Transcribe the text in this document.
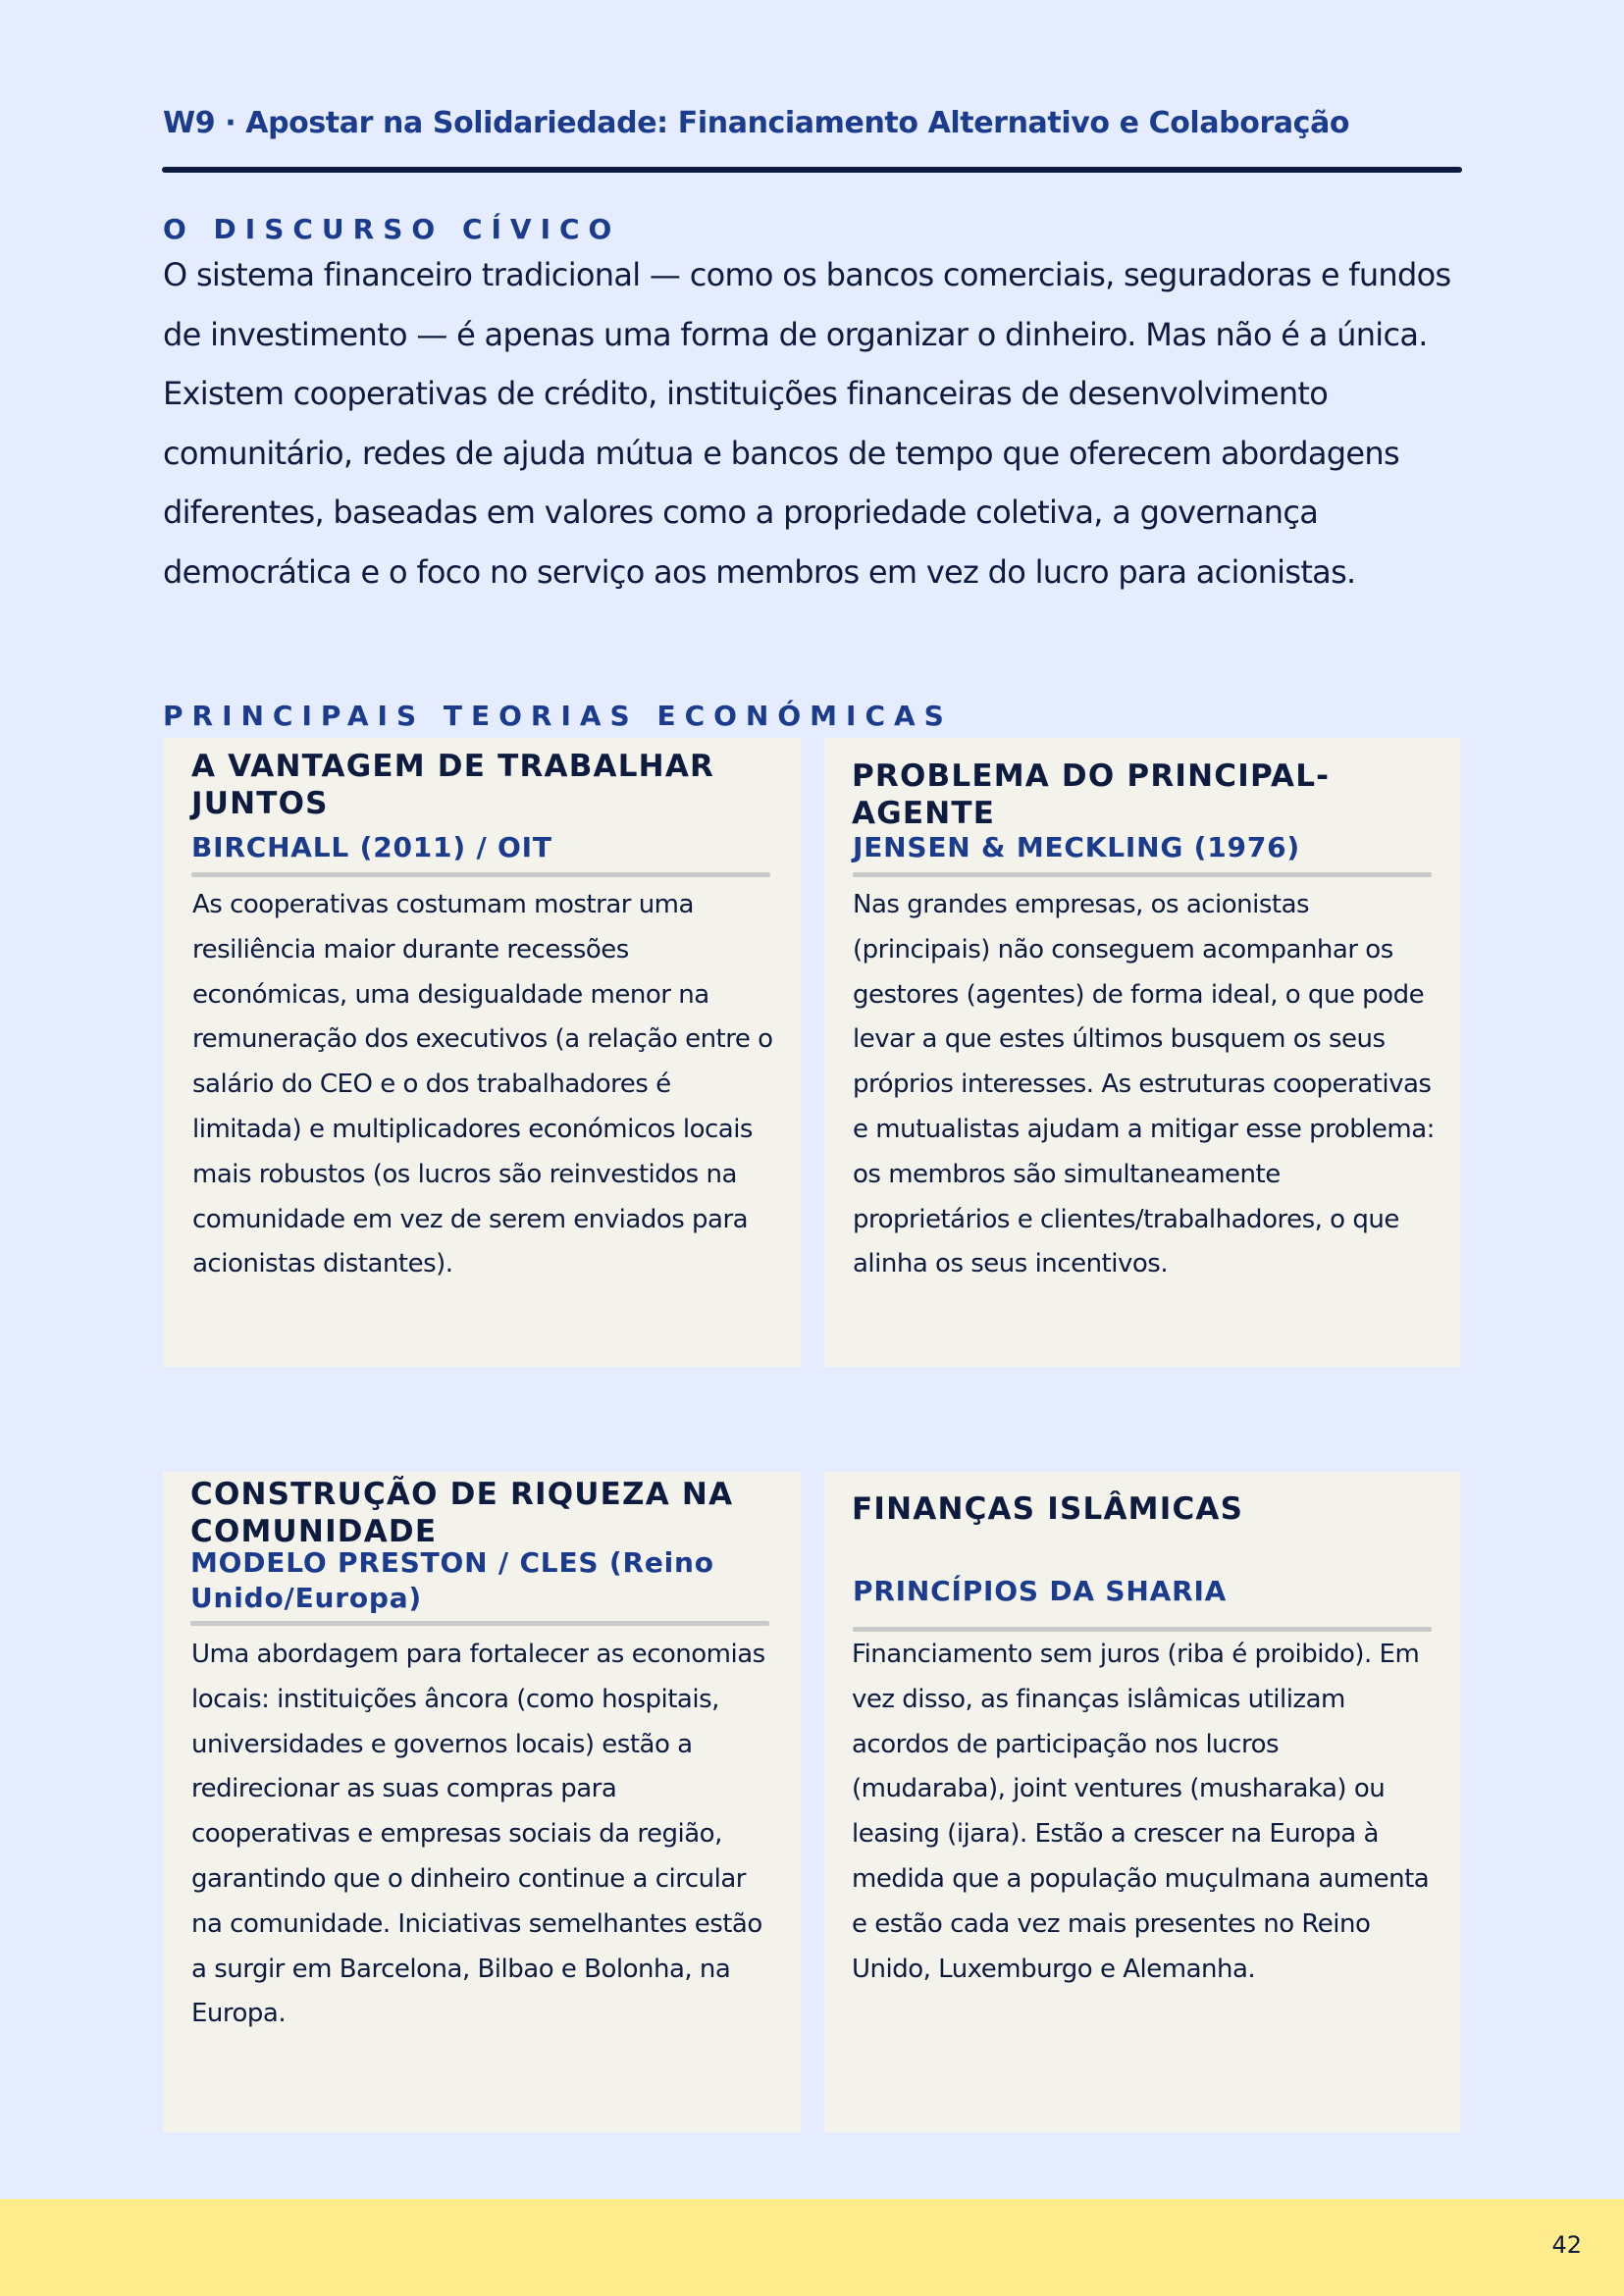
W9 · Apostar na Solidariedade: Financiamento Alternativo e Colaboração
O DISCURSO CÍVICO

O sistema financeiro tradicional — como os bancos comerciais, seguradoras e fundos de investimento — é apenas uma forma de organizar o dinheiro. Mas não é a única. Existem cooperativas de crédito, instituições financeiras de desenvolvimento comunitário, redes de ajuda mútua e bancos de tempo que oferecem abordagens diferentes, baseadas em valores como a propriedade coletiva, a governança democrática e o foco no serviço aos membros em vez do lucro para acionistas.

PRINCIPAIS TEORIAS ECONÓMICAS
A VANTAGEM DE TRABALHAR JUNTOS
BIRCHALL (2011) / OIT

As cooperativas costumam mostrar uma resiliência maior durante recessões económicas, uma desigualdade menor na remuneração dos executivos (a relação entre o salário do CEO e o dos trabalhadores é limitada) e multiplicadores económicos locais mais robustos (os lucros são reinvestidos na comunidade em vez de serem enviados para acionistas distantes).

PROBLEMA DO PRINCIPAL-AGENTE
JENSEN & MECKLING (1976)

Nas grandes empresas, os acionistas (principais) não conseguem acompanhar os gestores (agentes) de forma ideal, o que pode levar a que estes últimos busquem os seus próprios interesses. As estruturas cooperativas e mutualistas ajudam a mitigar esse problema: os membros são simultaneamente proprietários e clientes/trabalhadores, o que alinha os seus incentivos.

CONSTRUÇÃO DE RIQUEZA NA COMUNIDADE
MODELO PRESTON / CLES (Reino Unido/Europa)

Uma abordagem para fortalecer as economias locais: instituições âncora (como hospitais, universidades e governos locais) estão a redirecionar as suas compras para cooperativas e empresas sociais da região, garantindo que o dinheiro continue a circular na comunidade. Iniciativas semelhantes estão a surgir em Barcelona, Bilbao e Bolonha, na Europa.

FINANÇAS ISLÂMICAS
PRINCÍPIOS DA SHARIA

Financiamento sem juros (riba é proibido). Em vez disso, as finanças islâmicas utilizam acordos de participação nos lucros (mudaraba), joint ventures (musharaka) ou leasing (ijara). Estão a crescer na Europa à medida que a população muçulmana aumenta e estão cada vez mais presentes no Reino Unido, Luxemburgo e Alemanha.

42
